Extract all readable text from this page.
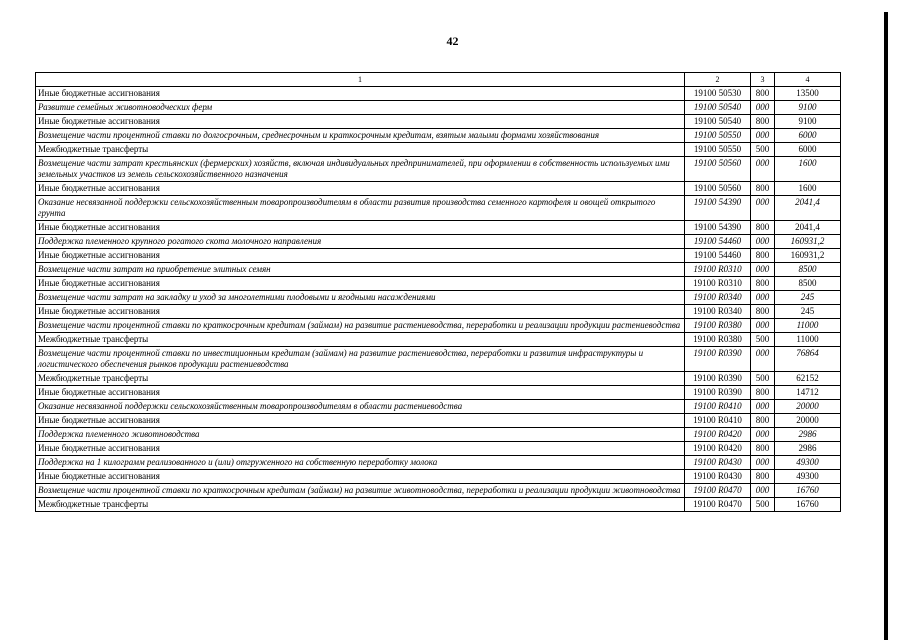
42
1	2	3	4
Иные бюджетные ассигнования	19100 50530	800	13500
Развитие семейных животноводческих ферм	19100 50540	000	9100
Иные бюджетные ассигнования	19100 50540	800	9100
Возмещение части процентной ставки по долгосрочным, среднесрочным и краткосрочным кредитам, взятым малыми формами хозяйствования	19100 50550	000	6000
Межбюджетные трансферты	19100 50550	500	6000
Возмещение части затрат крестьянских (фермерских) хозяйств, включая индивидуальных предпринимателей, при оформлении в собственность используемых ими земельных участков из земель сельскохозяйственного назначения	19100 50560	000	1600
Иные бюджетные ассигнования	19100 50560	800	1600
Оказание несвязанной поддержки сельскохозяйственным товаропроизводителям в области развития производства семенного картофеля и овощей открытого грунта	19100 54390	000	2041,4
Иные бюджетные ассигнования	19100 54390	800	2041,4
Поддержка племенного крупного рогатого скота молочного направления	19100 54460	000	160931,2
Иные бюджетные ассигнования	19100 54460	800	160931,2
Возмещение части затрат на приобретение элитных семян	19100 R0310	000	8500
Иные бюджетные ассигнования	19100 R0310	800	8500
Возмещение части затрат на закладку и уход за многолетними плодовыми и ягодными насаждениями	19100 R0340	000	245
Иные бюджетные ассигнования	19100 R0340	800	245
Возмещение части процентной ставки по краткосрочным кредитам (займам) на развитие растениеводства, переработки и реализации продукции растениеводства	19100 R0380	000	11000
Межбюджетные трансферты	19100 R0380	500	11000
Возмещение части процентной ставки по инвестиционным кредитам (займам) на развитие растениеводства, переработки и развития инфраструктуры и логистического обеспечения рынков продукции растениеводства	19100 R0390	000	76864
Межбюджетные трансферты	19100 R0390	500	62152
Иные бюджетные ассигнования	19100 R0390	800	14712
Оказание несвязанной поддержки сельскохозяйственным товаропроизводителям в области растениеводства	19100 R0410	000	20000
Иные бюджетные ассигнования	19100 R0410	800	20000
Поддержка племенного животноводства	19100 R0420	000	2986
Иные бюджетные ассигнования	19100 R0420	800	2986
Поддержка на 1 килограмм реализованного и (или) отгруженного на собственную переработку молока	19100 R0430	000	49300
Иные бюджетные ассигнования	19100 R0430	800	49300
Возмещение части процентной ставки по краткосрочным кредитам (займам) на развитие животноводства, переработки и реализации продукции животноводства	19100 R0470	000	16760
Межбюджетные трансферты	19100 R0470	500	16760
